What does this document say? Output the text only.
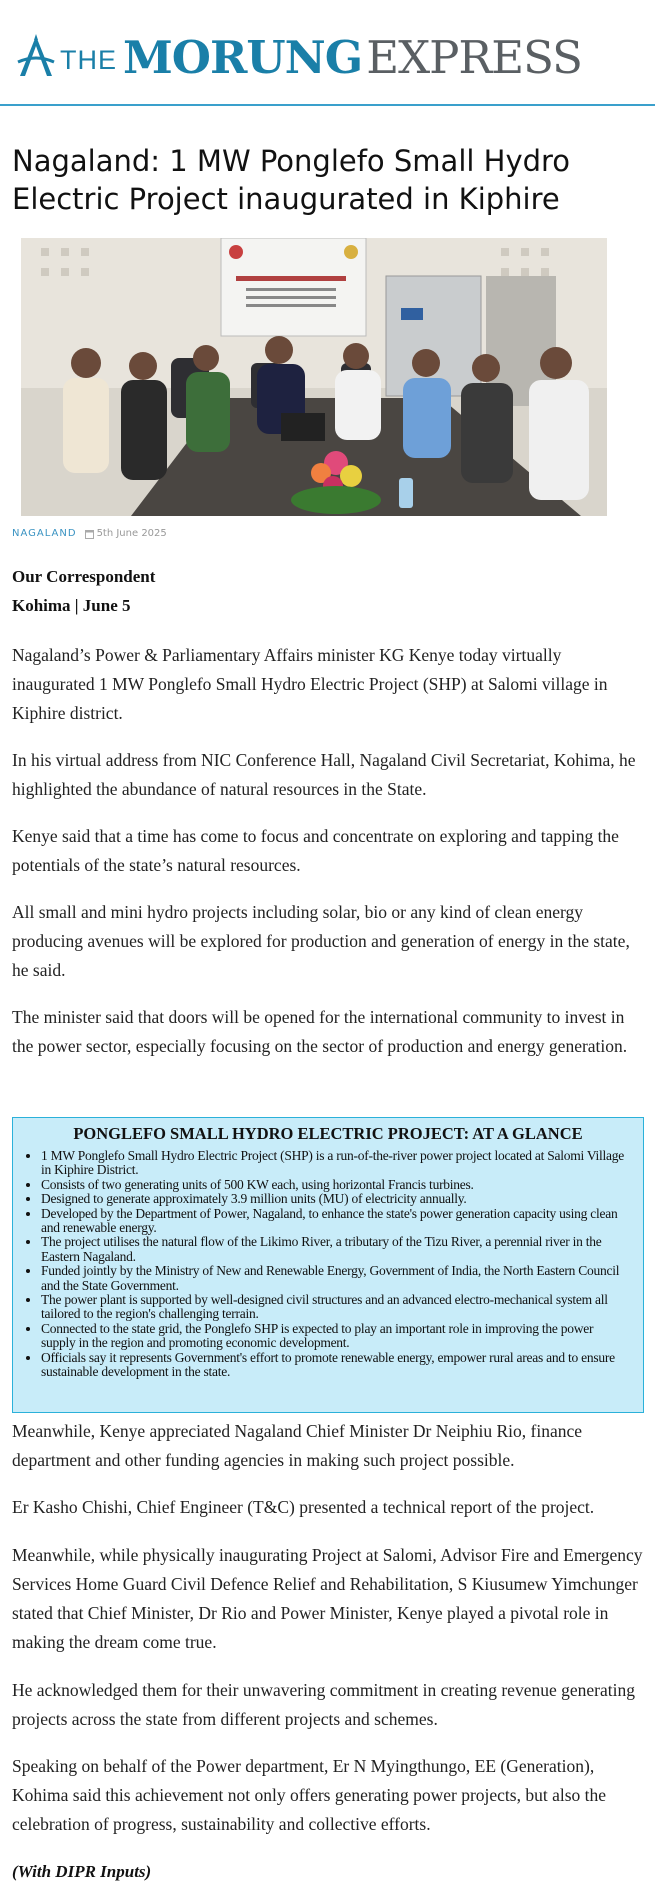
THE MORUNG EXPRESS
Nagaland: 1 MW Ponglefo Small Hydro Electric Project inaugurated in Kiphire
NAGALAND 5th June 2025
Our Correspondent
Kohima | June 5

Nagaland’s Power & Parliamentary Affairs minister KG Kenye today virtually inaugurated 1 MW Ponglefo Small Hydro Electric Project (SHP) at Salomi village in Kiphire district.

In his virtual address from NIC Conference Hall, Nagaland Civil Secretariat, Kohima, he highlighted the abundance of natural resources in the State.

Kenye said that a time has come to focus and concentrate on exploring and tapping the potentials of the state’s natural resources.

All small and mini hydro projects including solar, bio or any kind of clean energy producing avenues will be explored for production and generation of energy in the state, he said.

The minister said that doors will be opened for the international community to invest in the power sector, especially focusing on the sector of production and energy generation.

PONGLEFO SMALL HYDRO ELECTRIC PROJECT: AT A GLANCE
• 1 MW Ponglefo Small Hydro Electric Project (SHP) is a run-of-the-river power project located at Salomi Village in Kiphire District.
• Consists of two generating units of 500 KW each, using horizontal Francis turbines.
• Designed to generate approximately 3.9 million units (MU) of electricity annually.
• Developed by the Department of Power, Nagaland, to enhance the state's power generation capacity using clean and renewable energy.
• The project utilises the natural flow of the Likimo River, a tributary of the Tizu River, a perennial river in the Eastern Nagaland.
• Funded jointly by the Ministry of New and Renewable Energy, Government of India, the North Eastern Council and the State Government.
• The power plant is supported by well-designed civil structures and an advanced electro-mechanical system all tailored to the region's challenging terrain.
• Connected to the state grid, the Ponglefo SHP is expected to play an important role in improving the power supply in the region and promoting economic development.
• Officials say it represents Government's effort to promote renewable energy, empower rural areas and to ensure sustainable development in the state.

Meanwhile, Kenye appreciated Nagaland Chief Minister Dr Neiphiu Rio, finance department and other funding agencies in making such project possible.

Er Kasho Chishi, Chief Engineer (T&C) presented a technical report of the project.

Meanwhile, while physically inaugurating Project at Salomi, Advisor Fire and Emergency Services Home Guard Civil Defence Relief and Rehabilitation, S Kiusumew Yimchunger stated that Chief Minister, Dr Rio and Power Minister, Kenye played a pivotal role in making the dream come true.

He acknowledged them for their unwavering commitment in creating revenue generating projects across the state from different projects and schemes.

Speaking on behalf of the Power department, Er N Myingthungo, EE (Generation), Kohima said this achievement not only offers generating power projects, but also the celebration of progress, sustainability and collective efforts.

(With DIPR Inputs)
